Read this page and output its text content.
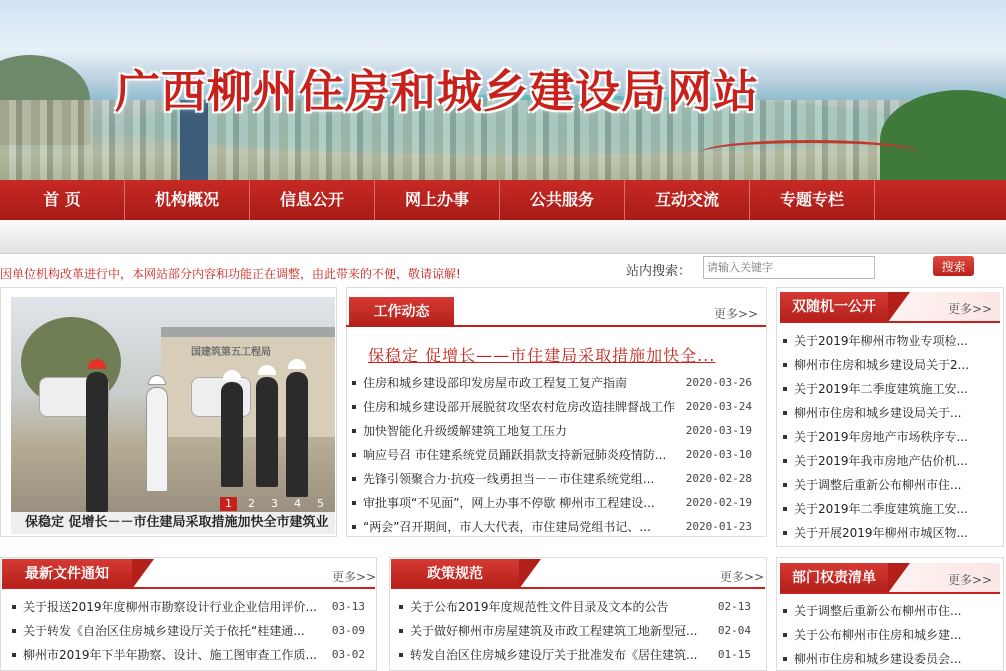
广西柳州住房和城乡建设局网站
首 页	机构概况	信息公开	网上办事	公共服务	互动交流	专题专栏
因单位机构改革进行中，本网站部分内容和功能正在调整，由此带来的不便，敬请谅解!	站内搜索：
请输入关键字	搜索
国建筑第五工程局
1	2	3	4	5
保稳定 促增长－－市住建局采取措施加快全市建筑业
工作动态	更多>>
保稳定 促增长——市住建局采取措施加快全...
住房和城乡建设部印发房屋市政工程复工复产指南	2020-03-26
住房和城乡建设部开展脱贫攻坚农村危房改造挂牌督战工作 2020-03-24
加快智能化升级缓解建筑工地复工压力	2020-03-19
响应号召 市住建系统党员踊跃捐款支持新冠肺炎疫情防...	2020-03-10
先锋引领聚合力·抗疫一线勇担当－－市住建系统党组...	2020-02-28
审批事项“不见面”，网上办事不停歇 柳州市工程建设...	2020-02-19
“两会”召开期间，市人大代表，市住建局党组书记、...	2020-01-23
双随机一公开	更多>>
关于2019年柳州市物业专项检...
柳州市住房和城乡建设局关于2...
关于2019年二季度建筑施工安...
柳州市住房和城乡建设局关于...
关于2019年房地产市场秩序专...
关于2019年我市房地产估价机...
关于调整后重新公布柳州市住...
关于2019年二季度建筑施工安...
关于开展2019年柳州市城区物...
最新文件通知	更多>>
关于报送2019年度柳州市勘察设计行业企业信用评价...	03-13
关于转发《自治区住房城乡建设厅关于依托“桂建通...	03-09
柳州市2019年下半年勘察、设计、施工图审查工作质...	03-02
政策规范	更多>>
关于公布2019年度规范性文件目录及文本的公告	02-13
关于做好柳州市房屋建筑及市政工程建筑工地新型冠...	02-04
转发自治区住房城乡建设厅关于批准发布《居住建筑...	01-15
部门权责清单	更多>>
关于调整后重新公布柳州市住...
关于公布柳州市住房和城乡建...
柳州市住房和城乡建设委员会...
